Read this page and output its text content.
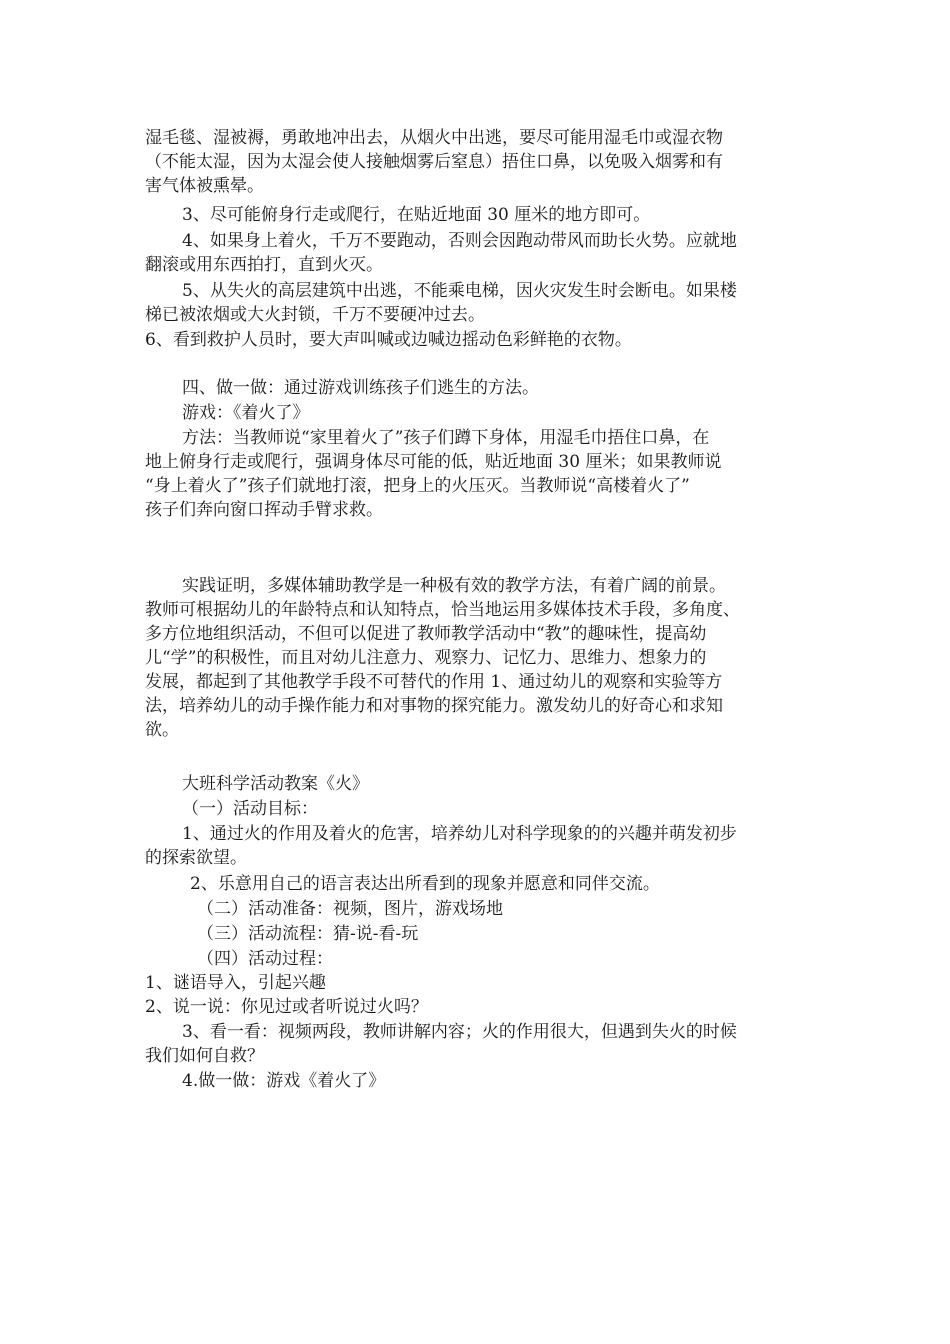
湿毛毯、湿被褥，勇敢地冲出去，从烟火中出逃，要尽可能用湿毛巾或湿衣物
（不能太湿，因为太湿会使人接触烟雾后窒息）捂住口鼻，以免吸入烟雾和有
害气体被熏晕。
3、尽可能俯身行走或爬行，在贴近地面 30 厘米的地方即可。
4、如果身上着火，千万不要跑动，否则会因跑动带风而助长火势。应就地
翻滚或用东西拍打，直到火灭。
5、从失火的高层建筑中出逃，不能乘电梯，因火灾发生时会断电。如果楼
梯已被浓烟或大火封锁，千万不要硬冲过去。
6、看到救护人员时，要大声叫喊或边喊边摇动色彩鲜艳的衣物。
四、做一做：通过游戏训练孩子们逃生的方法。
游戏：《着火了》
方法：当教师说“家里着火了”孩子们蹲下身体，用湿毛巾捂住口鼻，在
地上俯身行走或爬行，强调身体尽可能的低，贴近地面 30 厘米；如果教师说
“身上着火了”孩子们就地打滚，把身上的火压灭。当教师说“高楼着火了”
孩子们奔向窗口挥动手臂求救。
实践证明，多媒体辅助教学是一种极有效的教学方法，有着广阔的前景。
教师可根据幼儿的年龄特点和认知特点，恰当地运用多媒体技术手段，多角度、
多方位地组织活动，不但可以促进了教师教学活动中“教”的趣味性，提高幼
儿“学”的积极性，而且对幼儿注意力、观察力、记忆力、思维力、想象力的
发展，都起到了其他教学手段不可替代的作用 1、通过幼儿的观察和实验等方
法，培养幼儿的动手操作能力和对事物的探究能力。激发幼儿的好奇心和求知
欲。
大班科学活动教案《火》
（一）活动目标：
1、通过火的作用及着火的危害，培养幼儿对科学现象的的兴趣并萌发初步
的探索欲望。
2、乐意用自己的语言表达出所看到的现象并愿意和同伴交流。
（二）活动准备：视频，图片，游戏场地
（三）活动流程：猜-说-看-玩
（四）活动过程：
1、谜语导入，引起兴趣
2、说一说：你见过或者听说过火吗？
3、看一看：视频两段，教师讲解内容；火的作用很大，但遇到失火的时候
我们如何自救？
4.做一做：游戏《着火了》
